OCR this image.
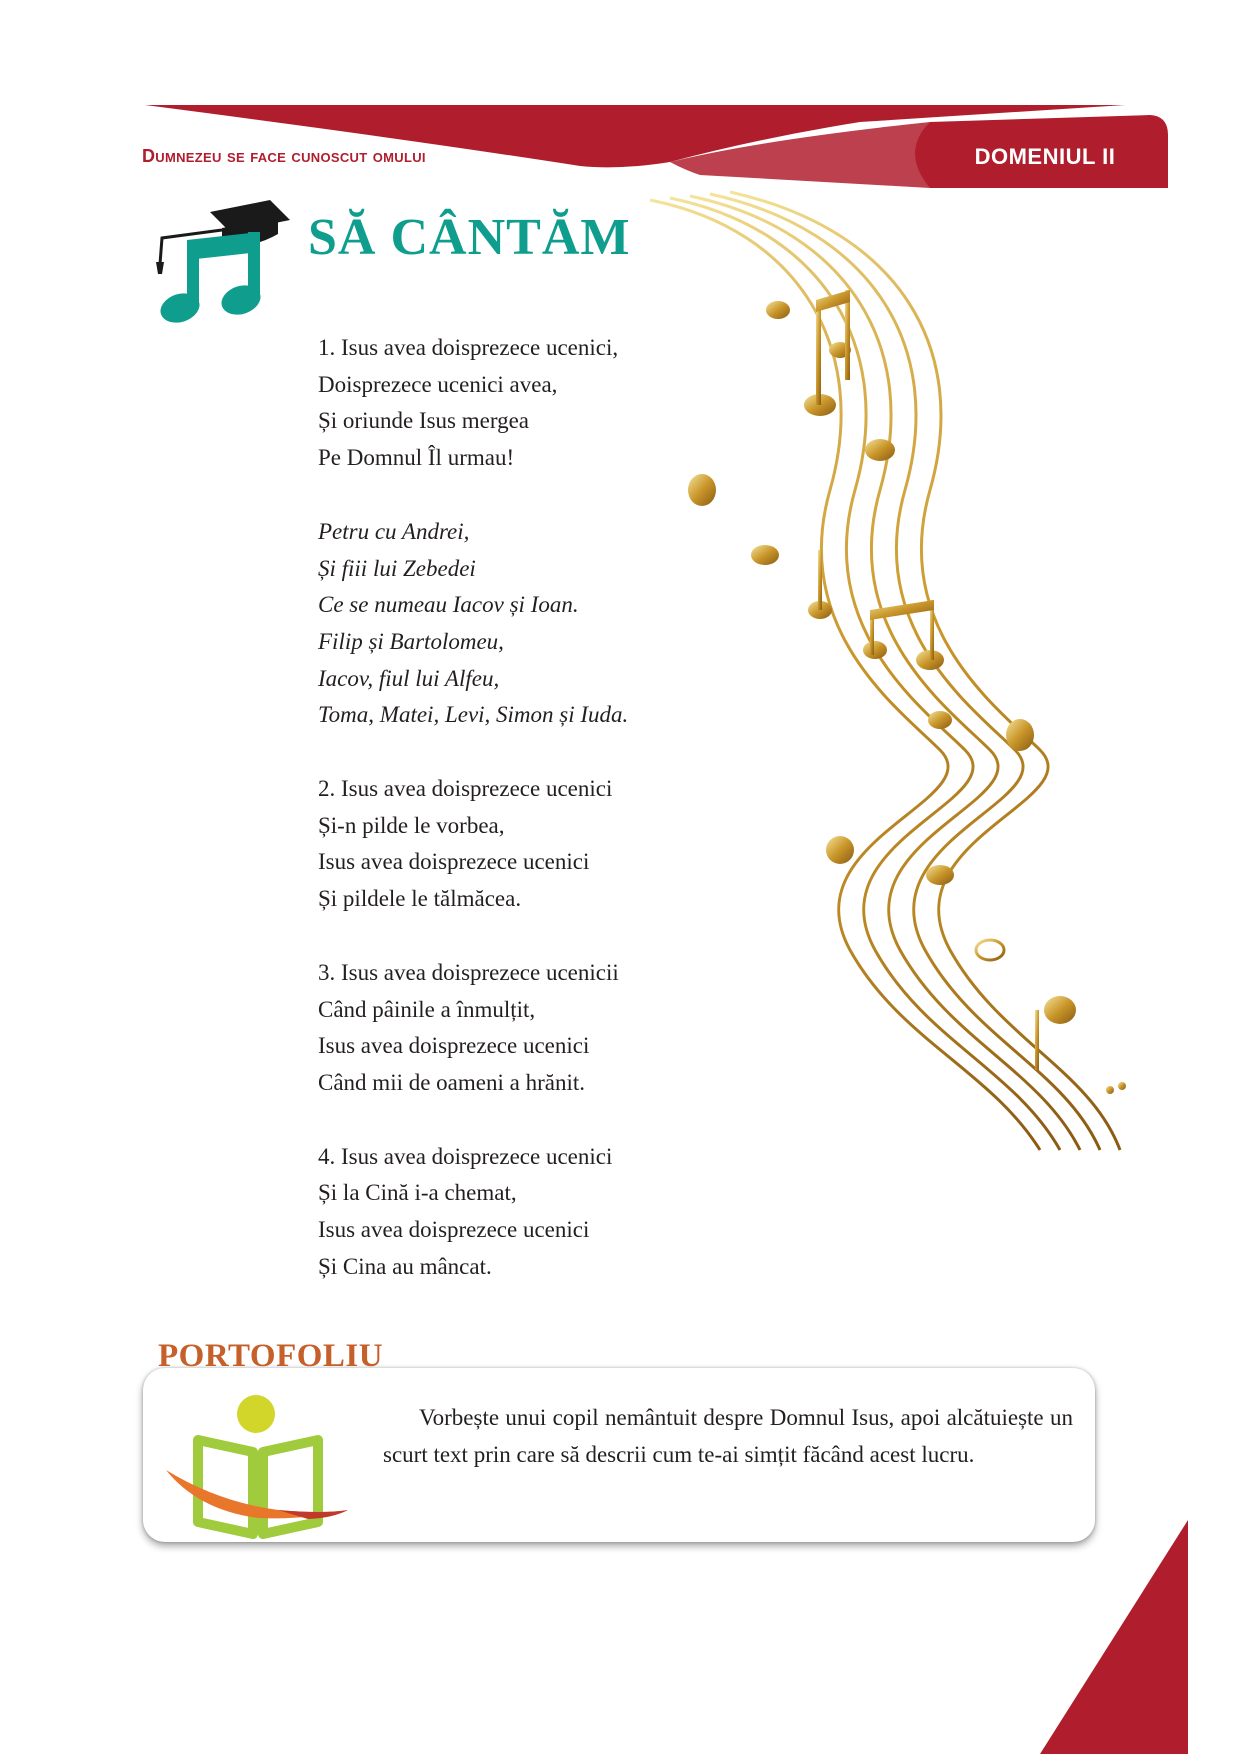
Dumnezeu se face cunoscut omului	DOMENIUL II
SĂ CÂNTĂM
1. Isus avea doisprezece ucenici,
Doisprezece ucenici avea,
Și oriunde Isus mergea
Pe Domnul Îl urmau!
Petru cu Andrei,
Și fiii lui Zebedei
Ce se numeau Iacov și Ioan.
Filip și Bartolomeu,
Iacov, fiul lui Alfeu,
Toma, Matei, Levi, Simon și Iuda.
2. Isus avea doisprezece ucenici
Și-n pilde le vorbea,
Isus avea doisprezece ucenici
Și pildele le tălmăcea.
3. Isus avea doisprezece ucenicii
Când pâinile a înmulțit,
Isus avea doisprezece ucenici
Când mii de oameni a hrănit.
4. Isus avea doisprezece ucenici
Și la Cină i-a chemat,
Isus avea doisprezece ucenici
Și Cina au mâncat.
PORTOFOLIU
Vorbește unui copil nemântuit despre Domnul Isus, apoi alcătuiește un scurt text prin care să descrii cum te-ai simțit făcând acest lucru.
47
